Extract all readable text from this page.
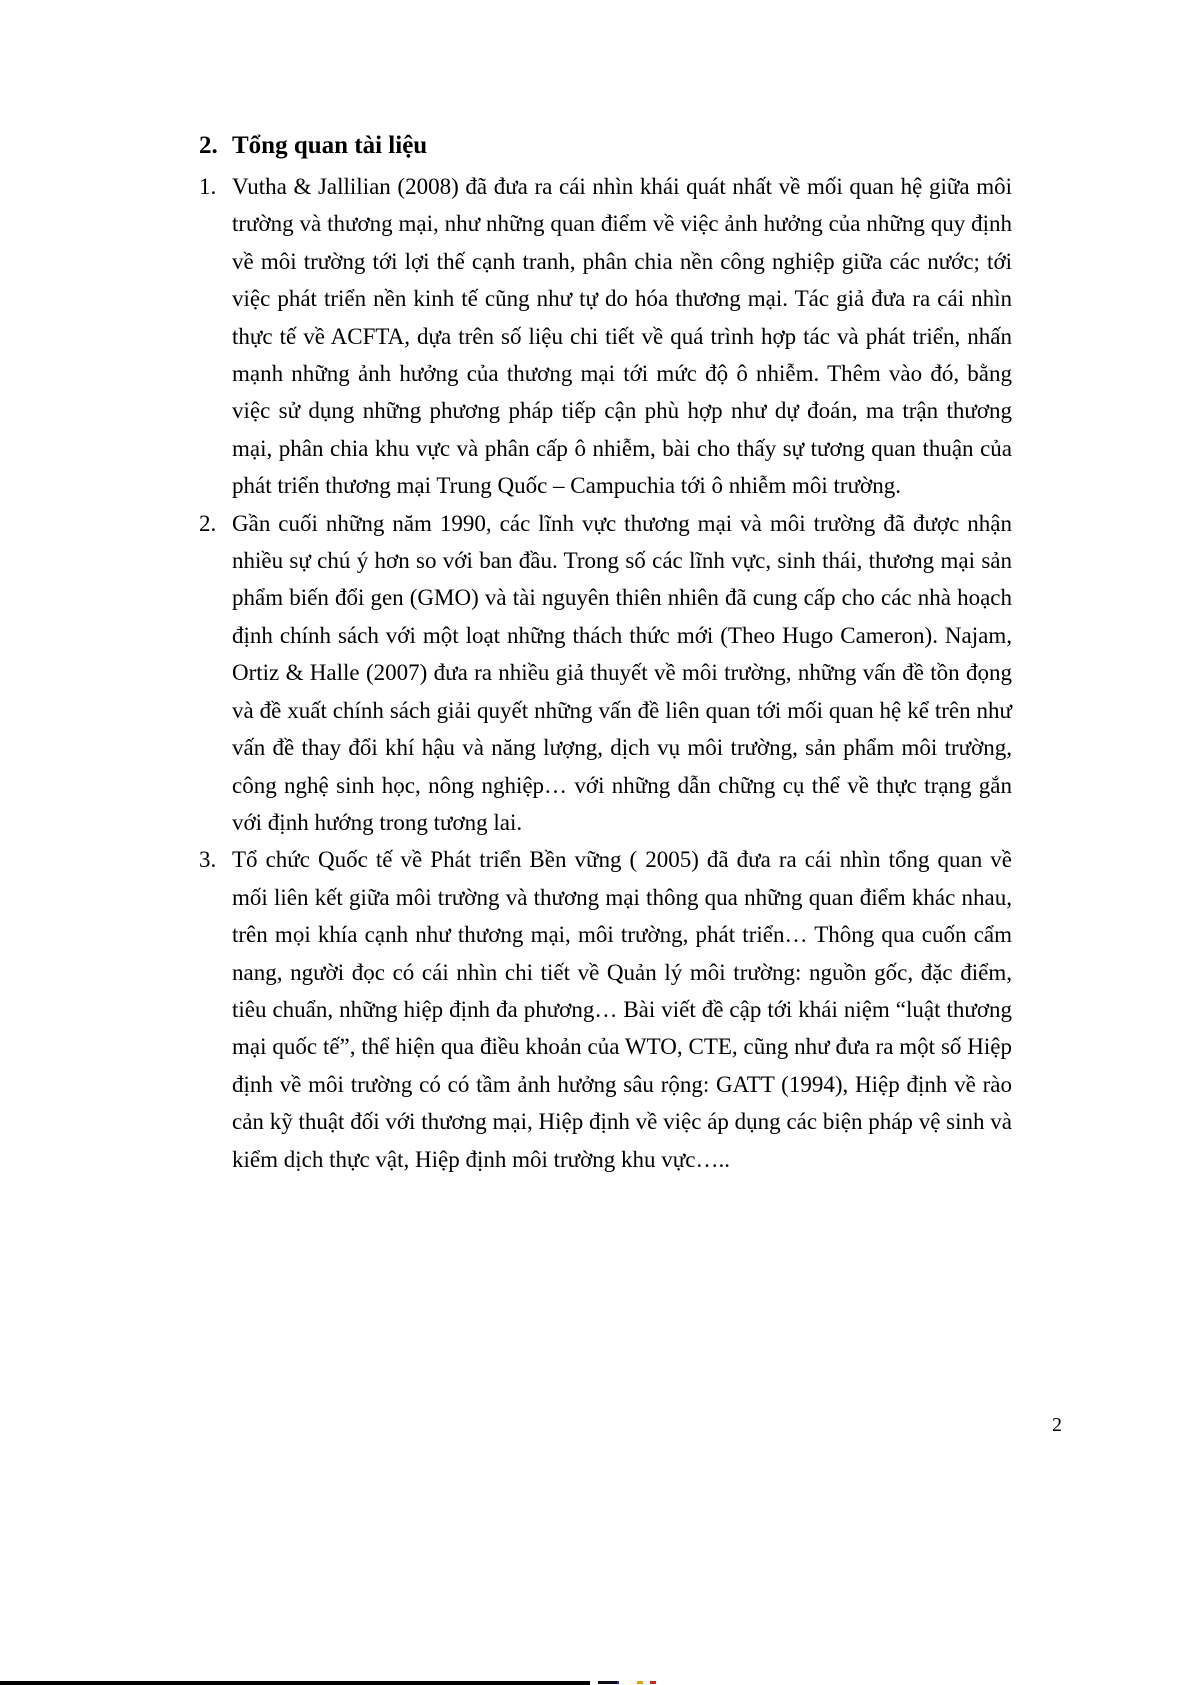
2. Tổng quan tài liệu
1. Vutha & Jallilian (2008) đã đưa ra cái nhìn khái quát nhất về mối quan hệ giữa môi trường và thương mại, như những quan điểm về việc ảnh hưởng của những quy định về môi trường tới lợi thế cạnh tranh, phân chia nền công nghiệp giữa các nước; tới việc phát triển nền kinh tế cũng như tự do hóa thương mại. Tác giả đưa ra cái nhìn thực tế về ACFTA, dựa trên số liệu chi tiết về quá trình hợp tác và phát triển, nhấn mạnh những ảnh hưởng của thương mại tới mức độ ô nhiễm. Thêm vào đó, bằng việc sử dụng những phương pháp tiếp cận phù hợp như dự đoán, ma trận thương mại, phân chia khu vực và phân cấp ô nhiễm, bài cho thấy sự tương quan thuận của phát triển thương mại Trung Quốc – Campuchia tới ô nhiễm môi trường.
2. Gần cuối những năm 1990, các lĩnh vực thương mại và môi trường đã được nhận nhiều sự chú ý hơn so với ban đầu. Trong số các lĩnh vực, sinh thái, thương mại sản phẩm biến đổi gen (GMO) và tài nguyên thiên nhiên đã cung cấp cho các nhà hoạch định chính sách với một loạt những thách thức mới (Theo Hugo Cameron). Najam, Ortiz & Halle (2007) đưa ra nhiều giả thuyết về môi trường, những vấn đề tồn đọng và đề xuất chính sách giải quyết những vấn đề liên quan tới mối quan hệ kể trên như vấn đề thay đổi khí hậu và năng lượng, dịch vụ môi trường, sản phẩm môi trường, công nghệ sinh học, nông nghiệp… với những dẫn chững cụ thể về thực trạng gắn với định hướng trong tương lai.
3. Tổ chức Quốc tế về Phát triển Bền vững ( 2005) đã đưa ra cái nhìn tổng quan về mối liên kết giữa môi trường và thương mại thông qua những quan điểm khác nhau, trên mọi khía cạnh như thương mại, môi trường, phát triển… Thông qua cuốn cẩm nang, người đọc có cái nhìn chi tiết về Quản lý môi trường: nguồn gốc, đặc điểm, tiêu chuẩn, những hiệp định đa phương… Bài viết đề cập tới khái niệm “luật thương mại quốc tế”, thể hiện qua điều khoản của WTO, CTE, cũng như đưa ra một số Hiệp định về môi trường có có tầm ảnh hưởng sâu rộng: GATT (1994), Hiệp định về rào cản kỹ thuật đối với thương mại, Hiệp định về việc áp dụng các biện pháp vệ sinh và kiểm dịch thực vật, Hiệp định môi trường khu vực…..
2
